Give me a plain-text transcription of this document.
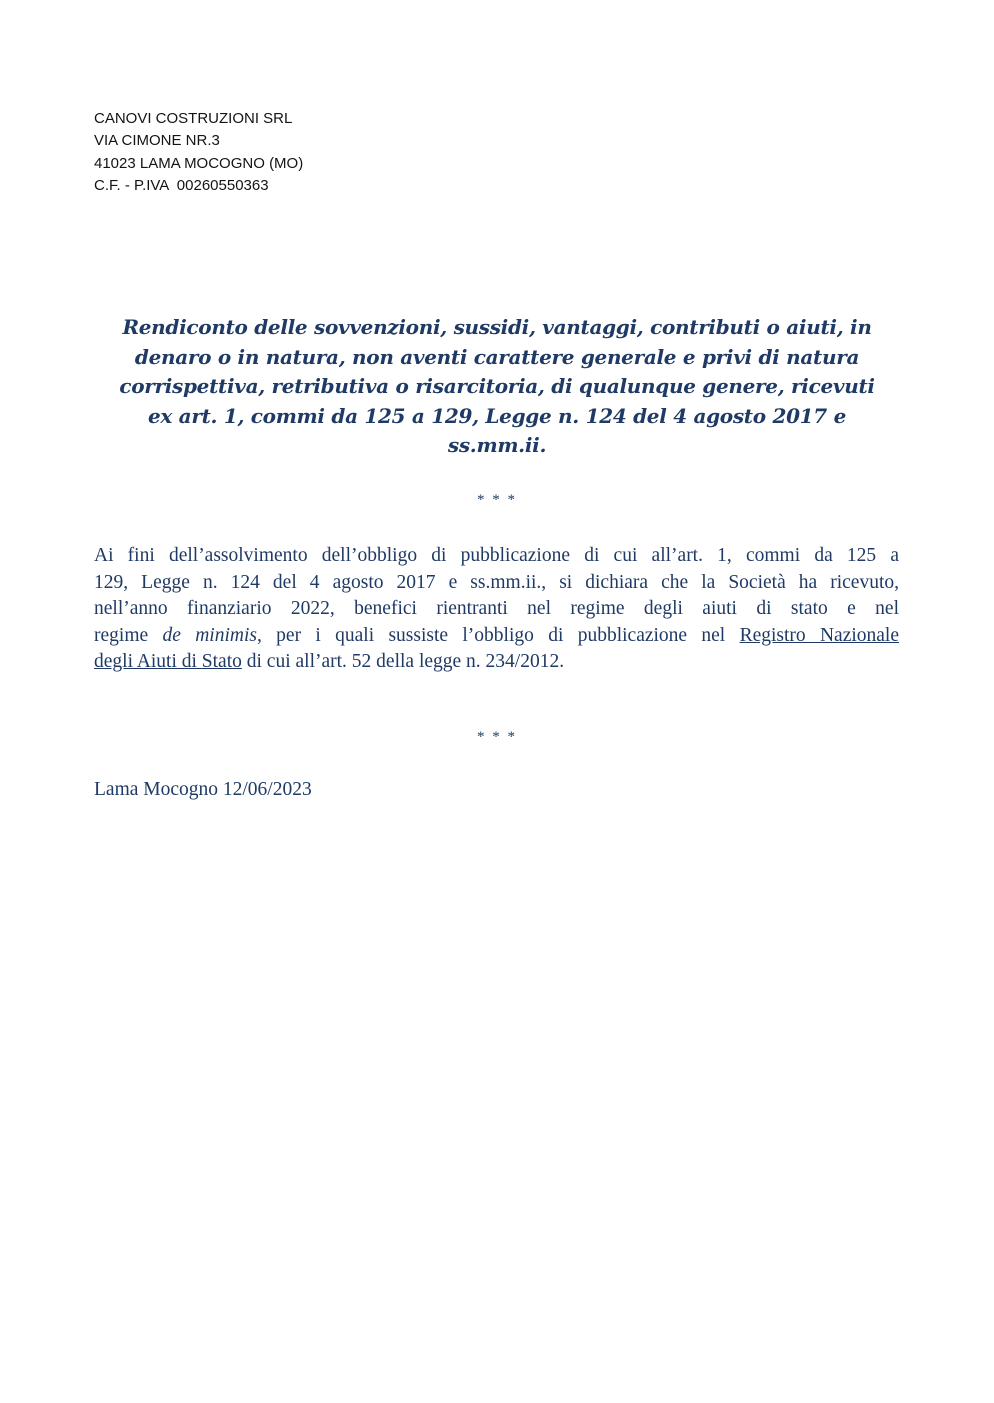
CANOVI COSTRUZIONI SRL
VIA CIMONE NR.3
41023 LAMA MOCOGNO (MO)
C.F. - P.IVA  00260550363
Rendiconto delle sovvenzioni, sussidi, vantaggi, contributi o aiuti, in
denaro o in natura, non aventi carattere generale e privi di natura
corrispettiva, retributiva o risarcitoria, di qualunque genere, ricevuti
ex art. 1, commi da 125 a 129, Legge n. 124 del 4 agosto 2017 e
ss.mm.ii.
* * *
Ai fini dell’assolvimento dell’obbligo di pubblicazione di cui all’art. 1, commi da 125 a
129, Legge n. 124 del 4 agosto 2017 e ss.mm.ii., si dichiara che la Società ha ricevuto,
nell’anno finanziario 2022, benefici rientranti nel regime degli aiuti di stato e nel
regime de minimis, per i quali sussiste l’obbligo di pubblicazione nel Registro Nazionale
degli Aiuti di Stato di cui all’art. 52 della legge n. 234/2012.
* * *
Lama Mocogno 12/06/2023
